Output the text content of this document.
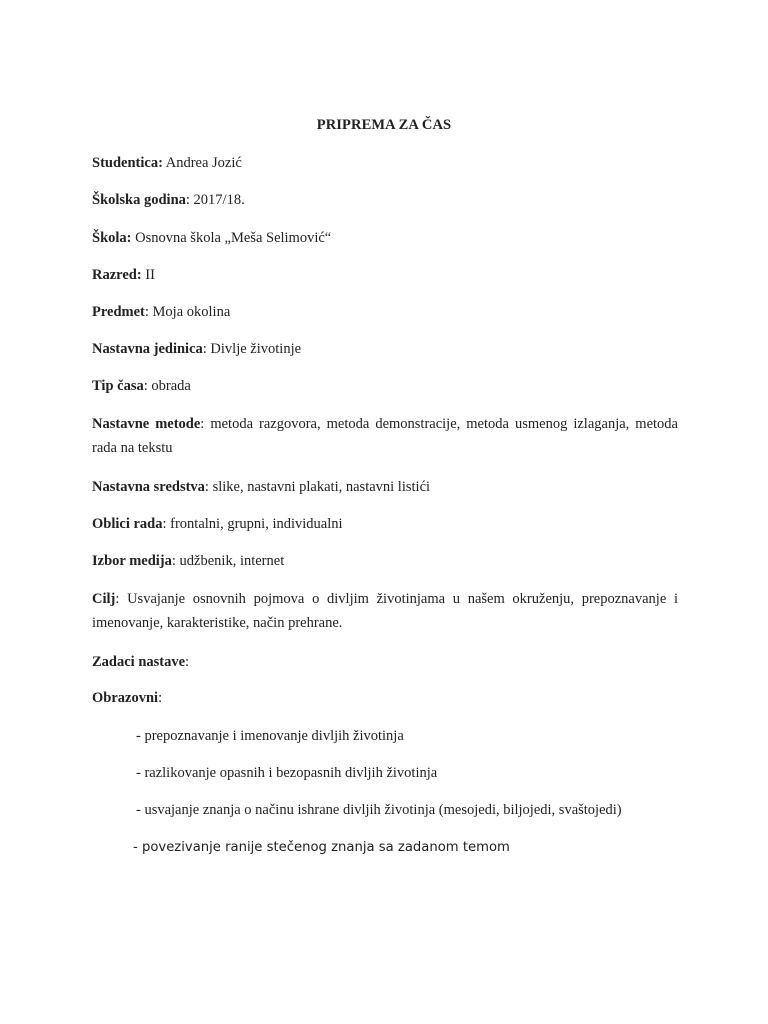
PRIPREMA ZA ČAS
Studentica: Andrea Jozić
Školska godina: 2017/18.
Škola: Osnovna škola „Meša Selimović“
Razred: II
Predmet: Moja okolina
Nastavna jedinica: Divlje životinje
Tip časa: obrada
Nastavne metode: metoda razgovora, metoda demonstracije, metoda usmenog izlaganja, metoda rada na tekstu
Nastavna sredstva: slike, nastavni plakati, nastavni listići
Oblici rada: frontalni, grupni, individualni
Izbor medija: udžbenik, internet
Cilj: Usvajanje osnovnih pojmova o divljim životinjama u našem okruženju, prepoznavanje i imenovanje, karakteristike, način prehrane.
Zadaci nastave:
Obrazovni:
- prepoznavanje i imenovanje divljih životinja
- razlikovanje opasnih i bezopasnih divljih životinja
- usvajanje znanja o načinu ishrane divljih životinja (mesojedi, biljojedi, svaštojedi)
- povezivanje ranije stečenog znanja sa zadanom temom
